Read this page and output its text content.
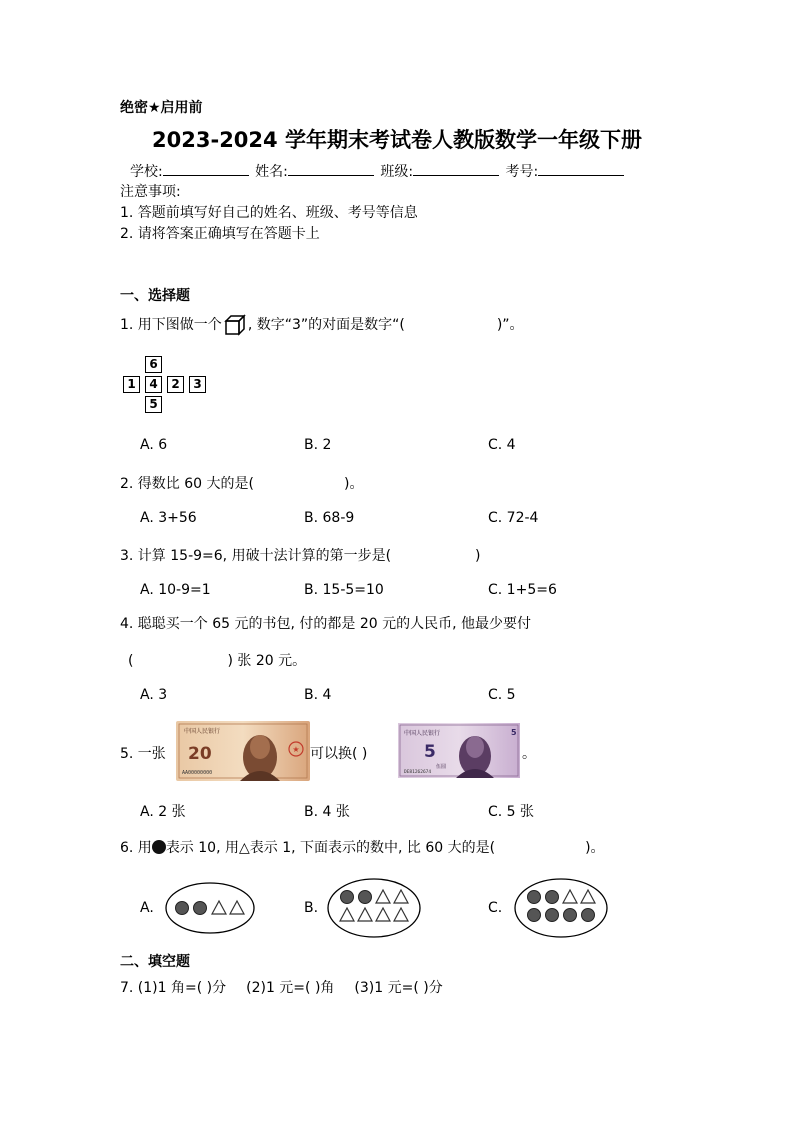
绝密★启用前
2023-2024 学年期末考试卷人教版数学一年级下册
学校:	姓名:	班级:	考号:
注意事项:
1. 答题前填写好自己的姓名、班级、考号等信息
2. 请将答案正确填写在答题卡上
一、选择题
1. 用下图做一个 , 数字“3”的对面是数字“(	)”。
6
1	4	2	3
5
A. 6	B. 2	C. 4
2. 得数比 60 大的是(	)。
A. 3+56	B. 68-9	C. 72-4
3. 计算 15-9=6, 用破十法计算的第一步是(	)
A. 10-9=1	B. 15-5=10	C. 1+5=6
4. 聪聪买一个 65 元的书包, 付的都是 20 元的人民币, 他最少要付
(	) 张 20 元。
A. 3	B. 4	C. 5
5. 一张	★
中国人民银行
20
AA00000000
可以换( )
中国人民银行
5
伍圆
DE81262674
5
。
A. 2 张	B. 4 张	C. 5 张
6. 用 表示 10, 用△表示 1, 下面表示的数中, 比 60 大的是(	)。
A.	B.	C.
二、填空题
7. (1)1 角=( )分 (2)1 元=( )角 (3)1 元=( )分
